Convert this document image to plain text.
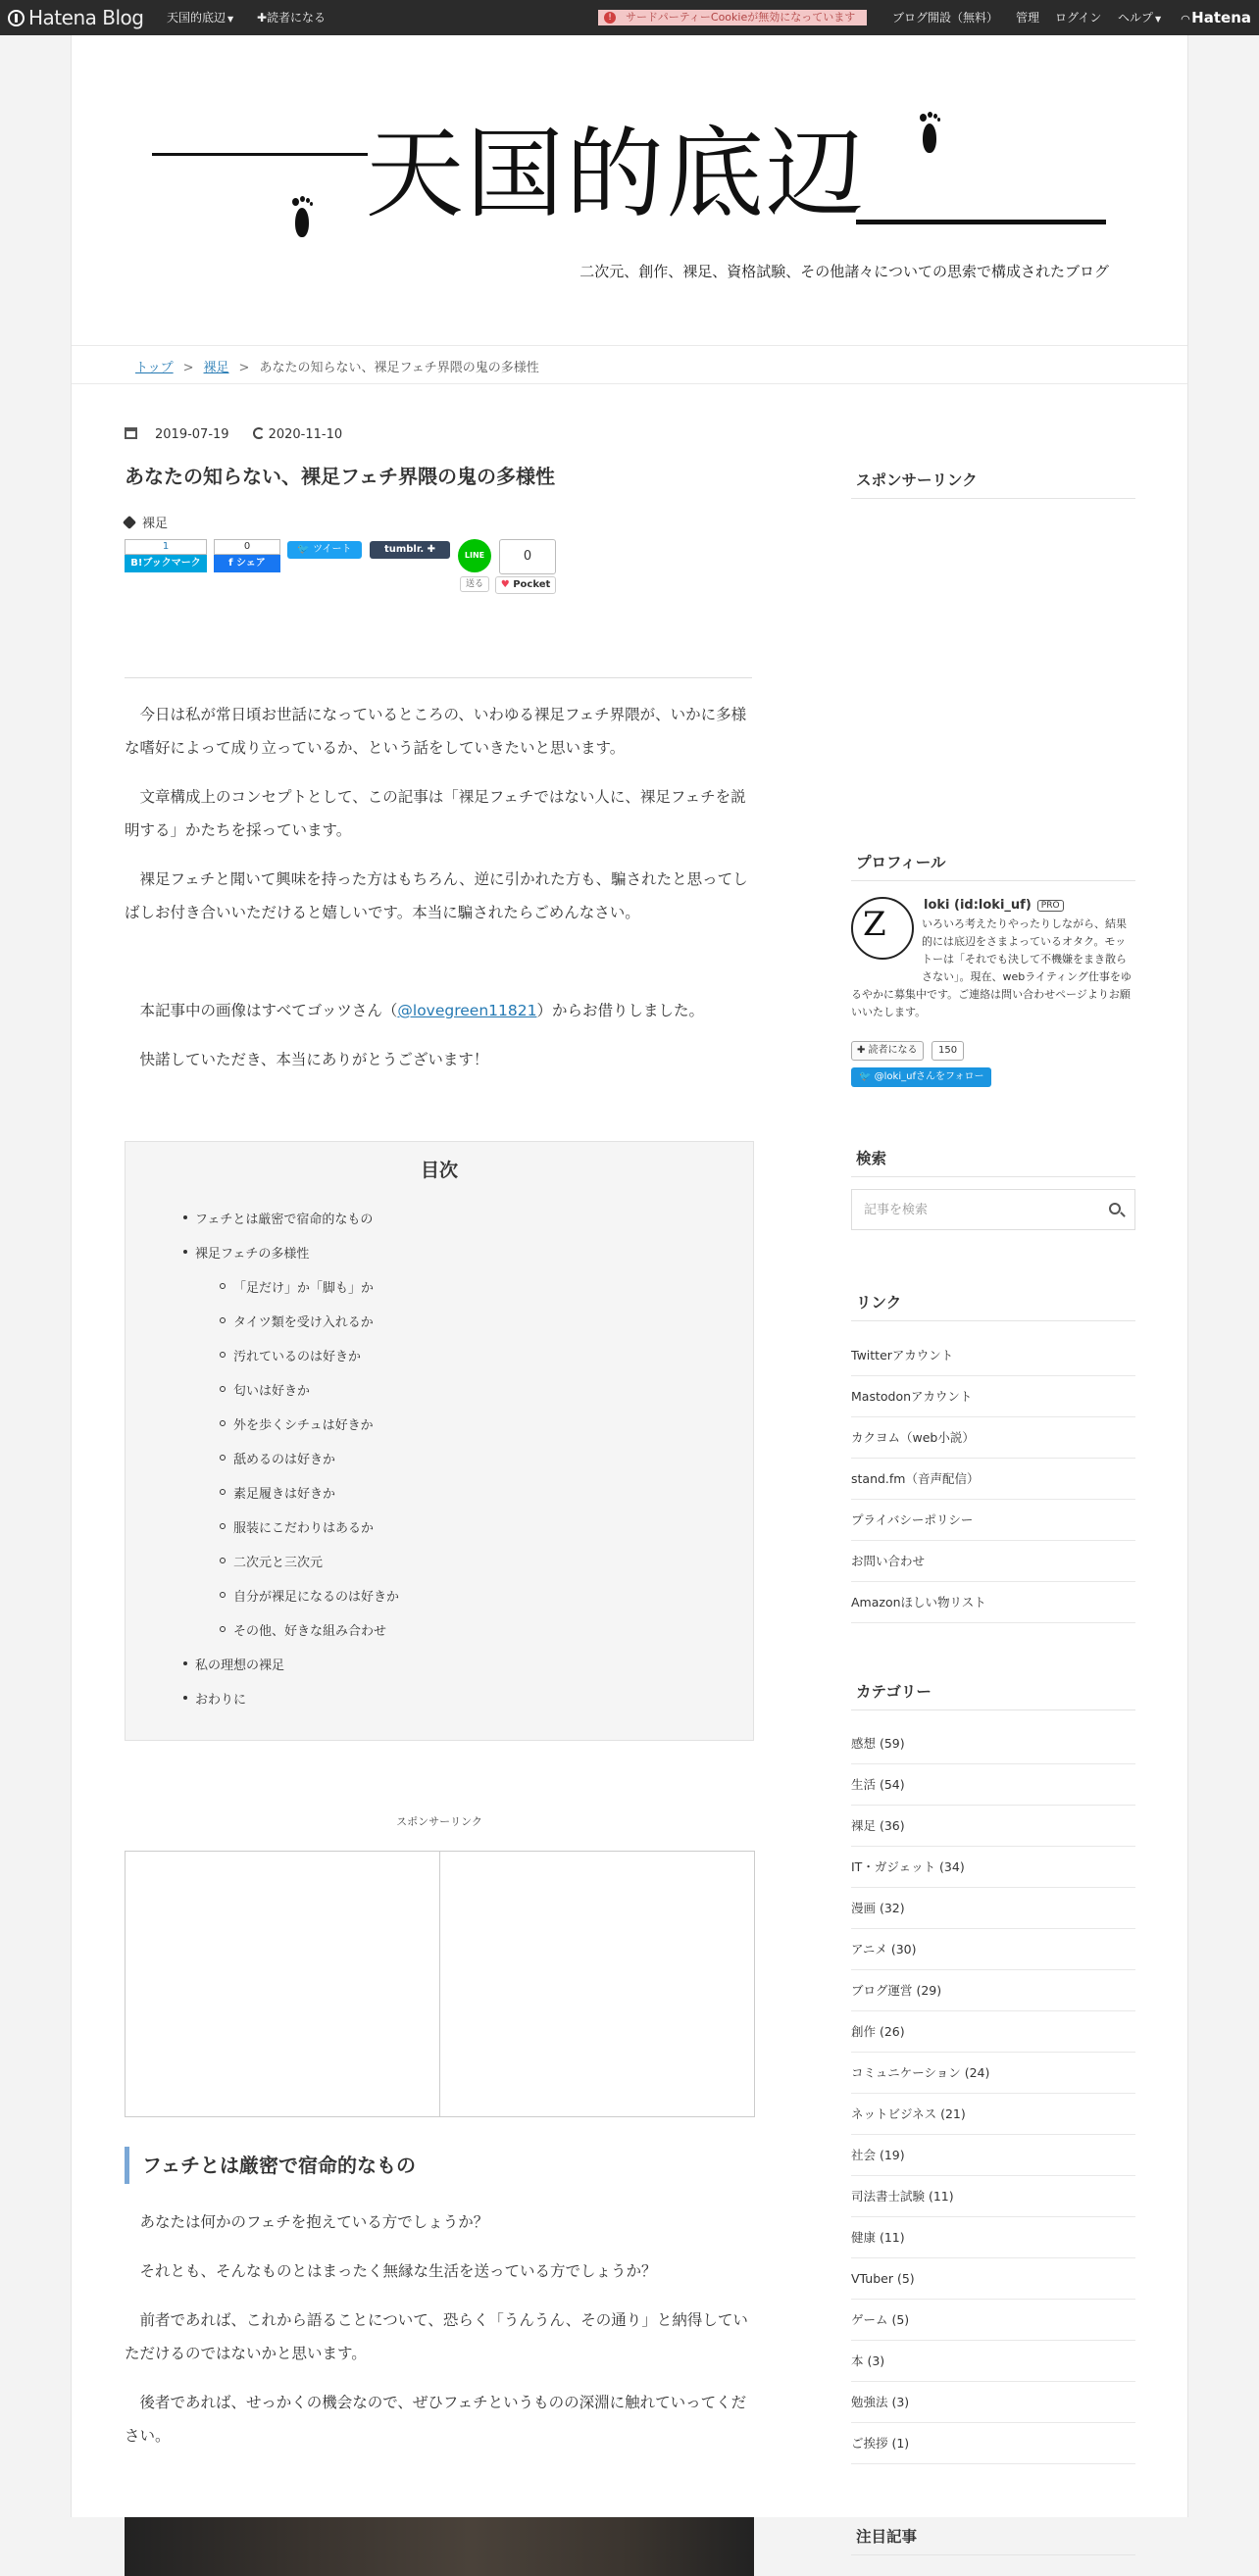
Hatena Blog 天国的底辺 ▼ ✚読者になる	!	サードパーティーCookieが無効になっています	ブログ開設（無料） 管理 ログイン ヘルプ ▼ ◠ Hatena
天国的底辺
二次元、創作、裸足、資格試験、その他諸々についての思索で構成されたブログ
トップ > 裸足 > あなたの知らない、裸足フェチ界隈の鬼の多様性
2019-07-19	2020-11-10
あなたの知らない、裸足フェチ界隈の鬼の多様性
裸足
1
B!ブックマーク
0
f シェア
🐦 ツイート	tumblr. ✚
LINE
送る
0
♥ Pocket
今日は私が常日頃お世話になっているところの、いわゆる裸足フェチ界隈が、いかに多様な嗜好によって成り立っているか、という話をしていきたいと思います。
文章構成上のコンセプトとして、この記事は「裸足フェチではない人に、裸足フェチを説明する」かたちを採っています。
裸足フェチと聞いて興味を持った方はもちろん、逆に引かれた方も、騙されたと思ってしばしお付き合いいただけると嬉しいです。本当に騙されたらごめんなさい。
本記事中の画像はすべてゴッツさん（@lovegreen11821）からお借りしました。
快諾していただき、本当にありがとうございます！
目次
フェチとは厳密で宿命的なもの
裸足フェチの多様性
「足だけ」か「脚も」か
タイツ類を受け入れるか
汚れているのは好きか
匂いは好きか
外を歩くシチュは好きか
舐めるのは好きか
素足履きは好きか
服装にこだわりはあるか
二次元と三次元
自分が裸足になるのは好きか
その他、好きな組み合わせ
私の理想の裸足
おわりに
スポンサーリンク
フェチとは厳密で宿命的なもの
あなたは何かのフェチを抱えている方でしょうか？
それとも、そんなものとはまったく無縁な生活を送っている方でしょうか？
前者であれば、これから語ることについて、恐らく「うんうん、その通り」と納得していただけるのではないかと思います。
後者であれば、せっかくの機会なので、ぜひフェチというものの深淵に触れていってください。
スポンサーリンク
プロフィール
Z	loki (id:loki_uf) PRO
いろいろ考えたりやったりしながら、結果的には底辺をさまよっているオタク。モットーは「それでも決して不機嫌をまき散らさない」。現在、webライティング仕事をゆるやかに募集中です。ご連絡は問い合わせページよりお願いいたします。
✚ 読者になる	150
🐦 @loki_ufさんをフォロー
検索
記事を検索
リンク
Twitterアカウント
Mastodonアカウント
カクヨム（web小説）
stand.fm（音声配信）
プライバシーポリシー
お問い合わせ
Amazonほしい物リスト
カテゴリー
感想 (59)
生活 (54)
裸足 (36)
IT・ガジェット (34)
漫画 (32)
アニメ (30)
ブログ運営 (29)
創作 (26)
コミュニケーション (24)
ネットビジネス (21)
社会 (19)
司法書士試験 (11)
健康 (11)
VTuber (5)
ゲーム (5)
本 (3)
勉強法 (3)
ご挨拶 (1)
注目記事
